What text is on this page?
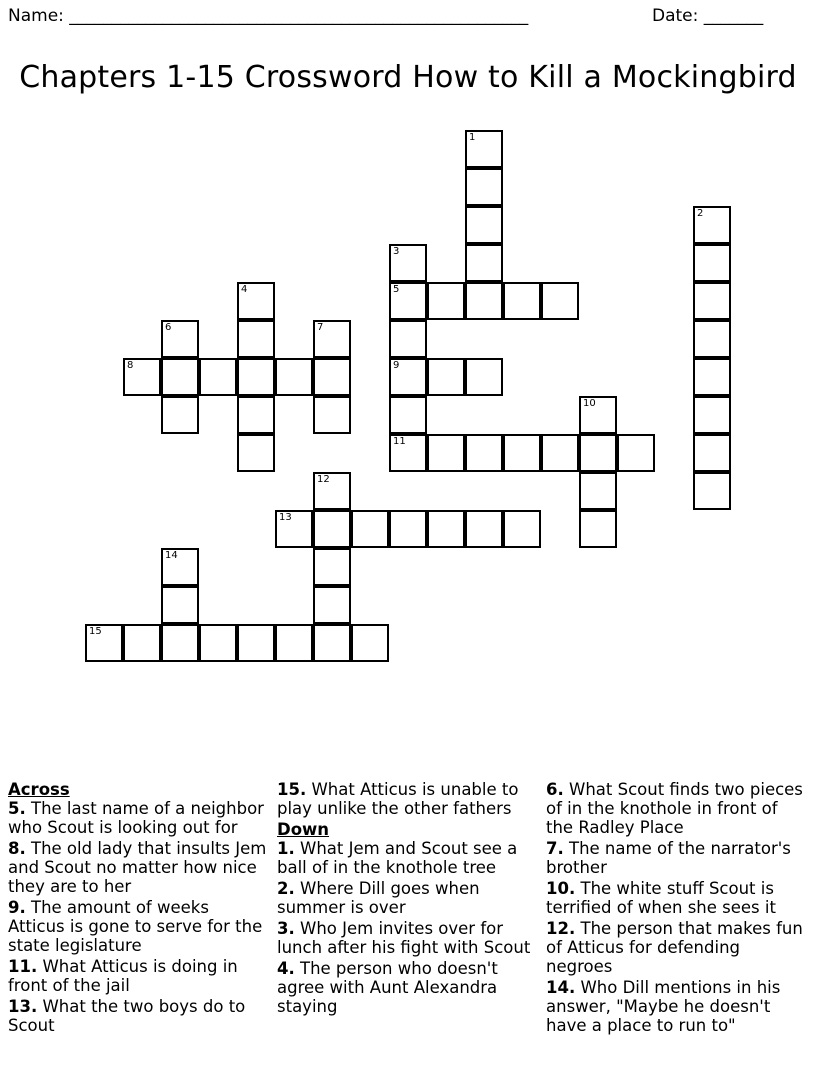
Name: ______________________________________________________	Date: _______
Chapters 1-15 Crossword How to Kill a Mockingbird
1
2
3
5
9
11
4
6	7
8
10
12
13
14
15
Across
5. The last name of a neighbor who Scout is looking out for
8. The old lady that insults Jem and Scout no matter how nice they are to her
9. The amount of weeks Atticus is gone to serve for the state legislature
11. What Atticus is doing in front of the jail
13. What the two boys do to Scout
15. What Atticus is unable to play unlike the other fathers
Down
1. What Jem and Scout see a ball of in the knothole tree
2. Where Dill goes when summer is over
3. Who Jem invites over for lunch after his fight with Scout
4. The person who doesn't agree with Aunt Alexandra staying
6. What Scout finds two pieces of in the knothole in front of the Radley Place
7. The name of the narrator's brother
10. The white stuff Scout is terrified of when she sees it
12. The person that makes fun of Atticus for defending negroes
14. Who Dill mentions in his answer, "Maybe he doesn't have a place to run to"
